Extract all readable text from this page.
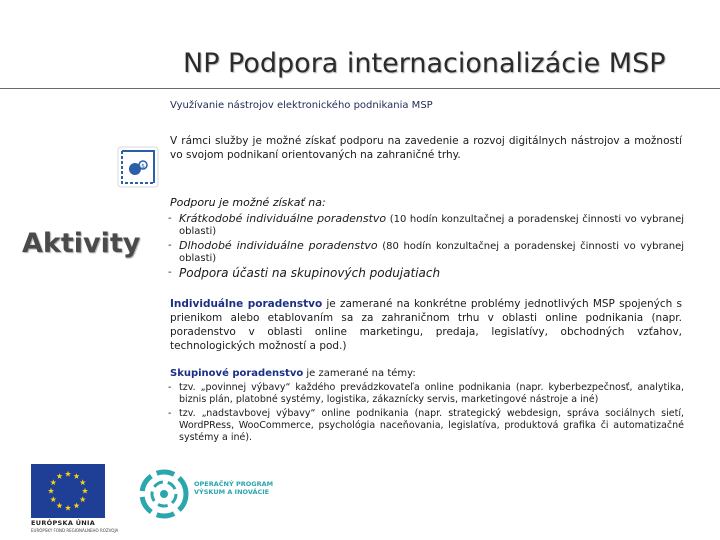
NP Podpora internacionalizácie MSP
Využívanie nástrojov elektronického podnikania MSP
$
Aktivity
V rámci služby je možné získať podporu na zavedenie a rozvoj digitálnych nástrojov a možností vo svojom podnikaní orientovaných na zahraničné trhy.
Podporu je možné získať na:
- Krátkodobé individuálne poradenstvo (10 hodín konzultačnej a poradenskej činnosti vo vybranej oblasti)
- Dlhodobé individuálne poradenstvo (80 hodín konzultačnej a poradenskej činnosti vo vybranej oblasti)
- Podpora účasti na skupinových podujatiach
Individuálne poradenstvo je zamerané na konkrétne problémy jednotlivých MSP spojených s prienikom alebo etablovaním sa za zahraničnom trhu v oblasti online podnikania (napr. poradenstvo v oblasti online marketingu, predaja, legislatívy, obchodných vzťahov, technologických možností a pod.)
Skupinové poradenstvo je zamerané na témy:
- tzv. „povinnej výbavy“ každého prevádzkovateľa online podnikania (napr. kyberbezpečnosť, analytika, biznis plán, platobné systémy, logistika, zákaznícky servis, marketingové nástroje a iné)
- tzv. „nadstavbovej výbavy“ online podnikania (napr. strategický webdesign, správa sociálnych sietí, WordPRess, WooCommerce, psychológia naceňovania, legislatíva, produktová grafika či automatizačné systémy a iné).
EURÓPSKA ÚNIA
EURÓPSKY FOND REGIONÁLNEHO ROZVOJA
OPERAČNÝ PROGRAM
VÝSKUM A INOVÁCIE
